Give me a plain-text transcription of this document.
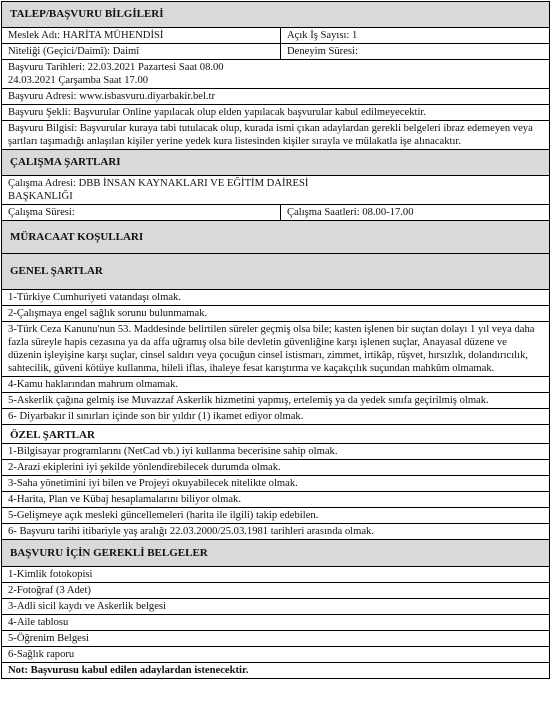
TALEP/BAŞVURU BİLGİLERİ
Meslek Adı: HARİTA MÜHENDİSİ	Açık İş Sayısı: 1
Niteliği (Geçici/Daimî): Daimî	Deneyim Süresi:
Başvuru Tarihleri: 22.03.2021 Pazartesi Saat 08.00
24.03.2021 Çarşamba Saat 17.00
Başvuru Adresi: www.isbasvuru.diyarbakir.bel.tr
Başvuru Şekli: Başvurular Online yapılacak olup elden yapılacak başvurular kabul edilmeyecektir.
Başvuru Bilgisi: Başvurular kuraya tabi tutulacak olup, kurada ismi çıkan adaylardan gerekli belgeleri ibraz edemeyen veya şartları taşımadığı anlaşılan kişiler yerine yedek kura listesinden kişiler sırayla ve mülakatla işe alınacaktır.
ÇALIŞMA ŞARTLARI
Çalışma Adresi: DBB İNSAN KAYNAKLARI VE EĞİTİM DAİRESİ
BAŞKANLIĞI
Çalışma Süresi:	Çalışma Saatleri: 08.00-17.00
MÜRACAAT KOŞULLARI
GENEL ŞARTLAR
1-Türkiye Cumhuriyeti vatandaşı olmak.
2-Çalışmaya engel sağlık sorunu bulunmamak.
3-Türk Ceza Kanunu'nun 53. Maddesinde belirtilen süreler geçmiş olsa bile; kasten işlenen bir suçtan dolayı 1 yıl veya daha fazla süreyle hapis cezasına ya da affa uğramış olsa bile devletin güvenliğine karşı işlenen suçlar, Anayasal düzene ve düzenin işleyişine karşı suçlar, cinsel saldırı veya çocuğun cinsel istismarı, zimmet, irtikâp, rüşvet, hırsızlık, dolandırıcılık, sahtecilik, güveni kötüye kullanma, hileli iflas, ihaleye fesat karıştırma ve kaçakçılık suçundan mahkûm olmamak.
4-Kamu haklarından mahrum olmamak.
5-Askerlik çağına gelmiş ise Muvazzaf Askerlik hizmetini yapmış, ertelemiş ya da yedek sınıfa geçirilmiş olmak.
6- Diyarbakır il sınırları içinde son bir yıldır (1) ikamet ediyor olmak.
ÖZEL ŞARTLAR
1-Bilgisayar programlarını (NetCad vb.) iyi kullanma becerisine sahip olmak.
2-Arazi ekiplerini iyi şekilde yönlendirebilecek durumda olmak.
3-Saha yönetimini iyi bilen ve Projeyi okuyabilecek nitelikte olmak.
4-Harita, Plan ve Kübaj hesaplamalarını biliyor olmak.
5-Gelişmeye açık mesleki güncellemeleri (harita ile ilgili) takip edebilen.
6- Başvuru tarihi itibariyle yaş aralığı 22.03.2000/25.03.1981 tarihleri arasında olmak.
BAŞVURU İÇİN GEREKLİ BELGELER
1-Kimlik fotokopisi
2-Fotoğraf (3 Adet)
3-Adli sicil kaydı ve Askerlik belgesi
4-Aile tablosu
5-Öğrenim Belgesi
6-Sağlık raporu
Not: Başvurusu kabul edilen adaylardan istenecektir.
